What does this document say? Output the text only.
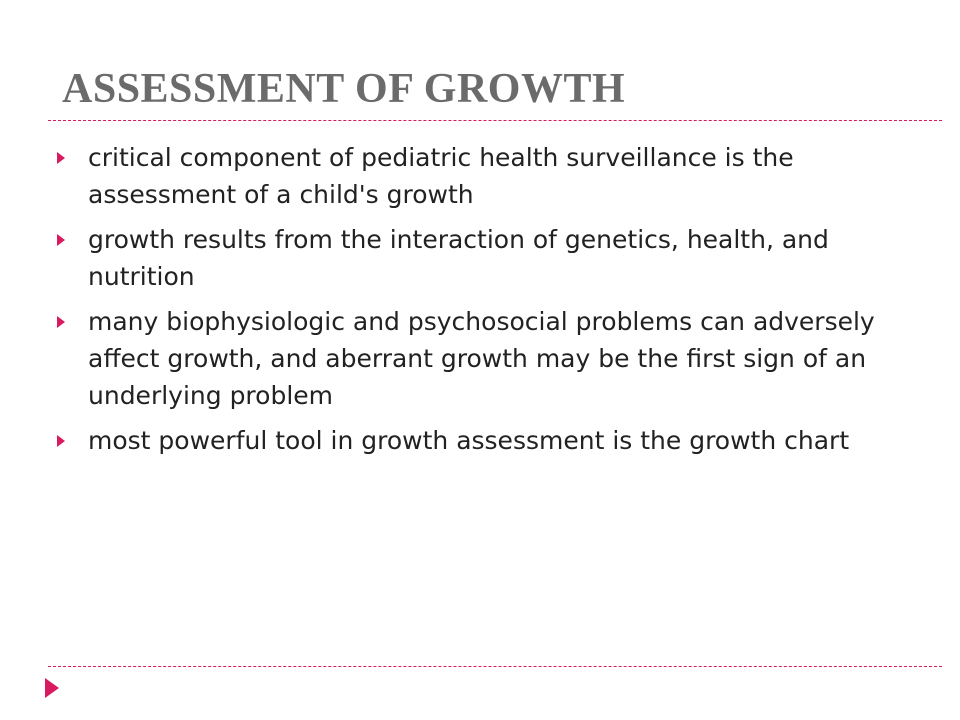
ASSESSMENT OF GROWTH
critical component of pediatric health surveillance is the assessment of a child's growth
growth results from the interaction of genetics, health, and nutrition
many biophysiologic and psychosocial problems can adversely affect growth, and aberrant growth may be the first sign of an underlying problem
most powerful tool in growth assessment is the growth chart
